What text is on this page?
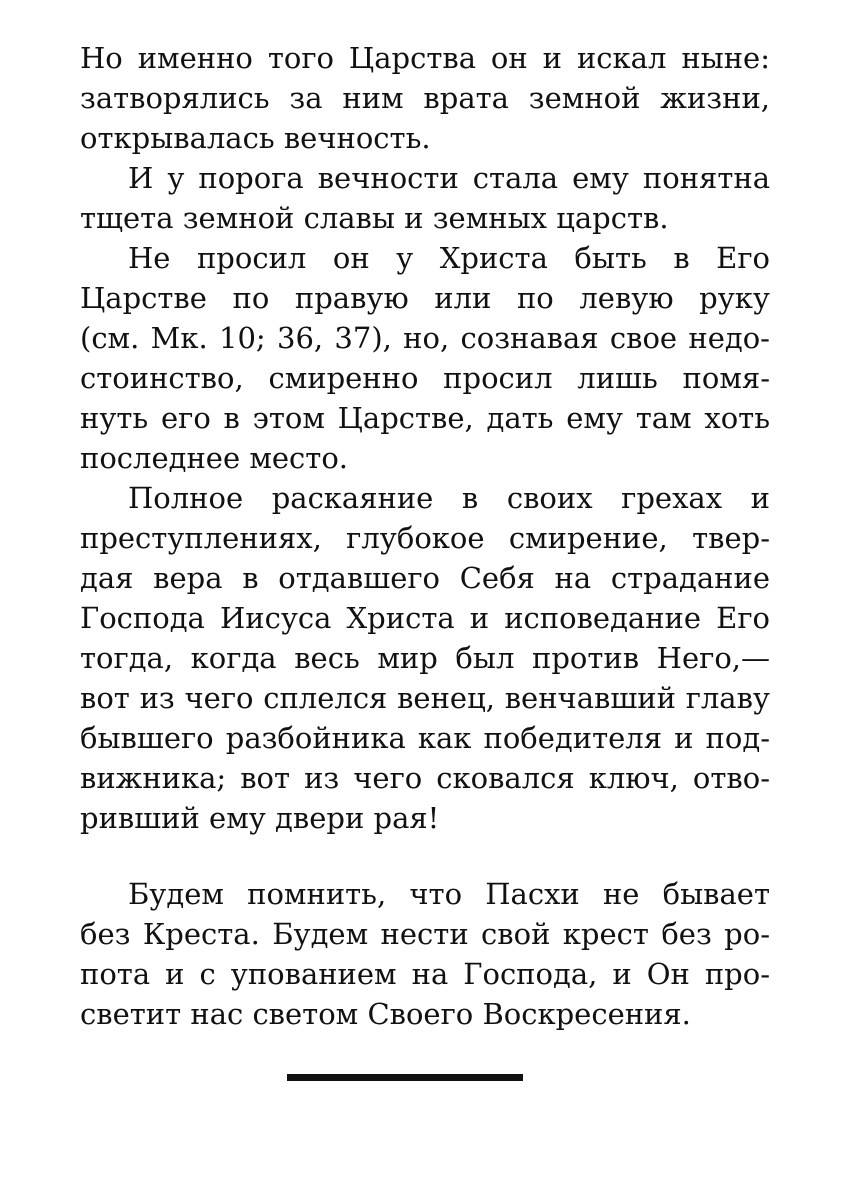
Но именно того Царства он и искал ныне:
затворялись за ним врата земной жизни,
открывалась вечность.
И у порога вечности стала ему понятна
тщета земной славы и земных царств.
Не просил он у Христа быть в Его
Царстве по правую или по левую руку
(см. Мк. 10; 36, 37), но, сознавая свое недо-
стоинство, смиренно просил лишь помя-
нуть его в этом Царстве, дать ему там хоть
последнее место.
Полное раскаяние в своих грехах и
преступлениях, глубокое смирение, твер-
дая вера в отдавшего Себя на страдание
Господа Иисуса Христа и исповедание Его
тогда, когда весь мир был против Него,—
вот из чего сплелся венец, венчавший главу
бывшего разбойника как победителя и под-
вижника; вот из чего сковался ключ, отво-
ривший ему двери рая!
Будем помнить, что Пасхи не бывает
без Креста. Будем нести свой крест без ро-
пота и с упованием на Господа, и Он про-
светит нас светом Своего Воскресения.
